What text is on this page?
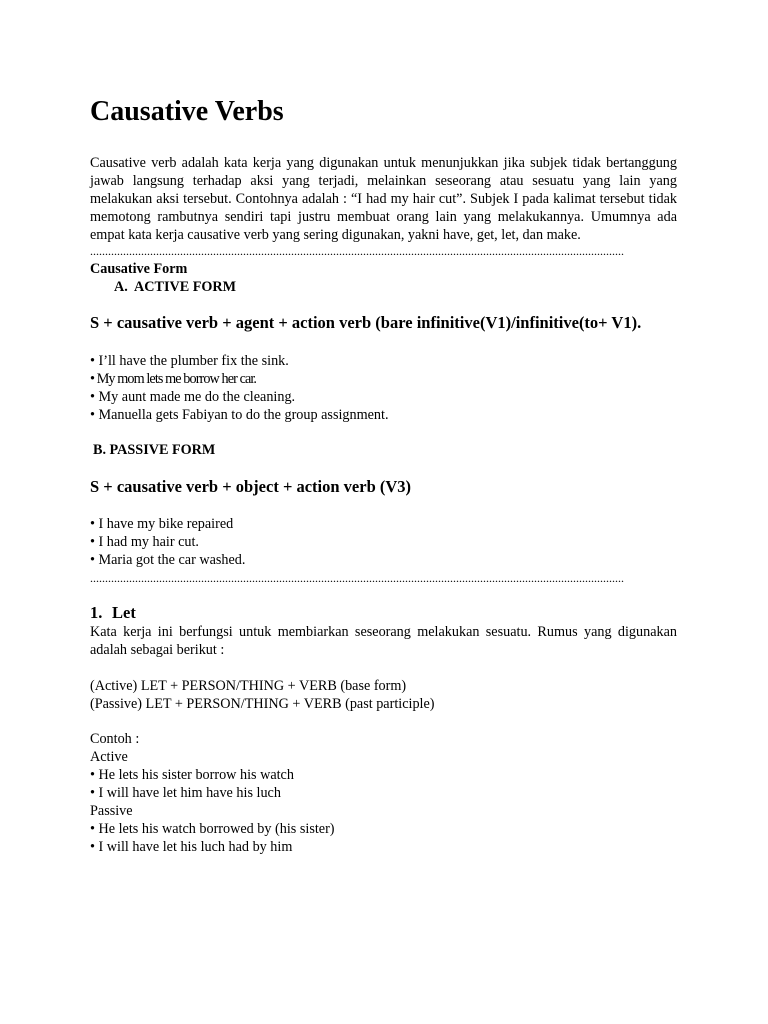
Causative Verbs

Causative verb adalah kata kerja yang digunakan untuk menunjukkan jika subjek tidak bertanggung jawab langsung terhadap aksi yang terjadi, melainkan seseorang atau sesuatu yang lain yang melakukan aksi tersebut. Contohnya adalah : “I had my hair cut”. Subjek I pada kalimat tersebut tidak memotong rambutnya sendiri tapi justru membuat orang lain yang melakukannya. Umumnya ada empat kata kerja causative verb yang sering digunakan, yakni have, get, let, dan make.

..................................................................................................................................................................................

Causative Form

A. ACTIVE FORM

S + causative verb + agent + action verb (bare infinitive(V1)/infinitive(to+ V1).

• I’ll have the plumber fix the sink.
• My mom lets me borrow her car.
• My aunt made me do the cleaning.
• Manuella gets Fabiyan to do the group assignment.

B. PASSIVE FORM

S + causative verb + object + action verb (V3)

• I have my bike repaired
• I had my hair cut.
• Maria got the car washed.
..................................................................................................................................................................................

1. Let

Kata kerja ini berfungsi untuk membiarkan seseorang melakukan sesuatu. Rumus yang digunakan adalah sebagai berikut :

(Active) LET + PERSON/THING + VERB (base form)

(Passive) LET + PERSON/THING + VERB (past participle)

Contoh :

Active

• He lets his sister borrow his watch
• I will have let him have his luch

Passive

• He lets his watch borrowed by (his sister)
• I will have let his luch had by him
